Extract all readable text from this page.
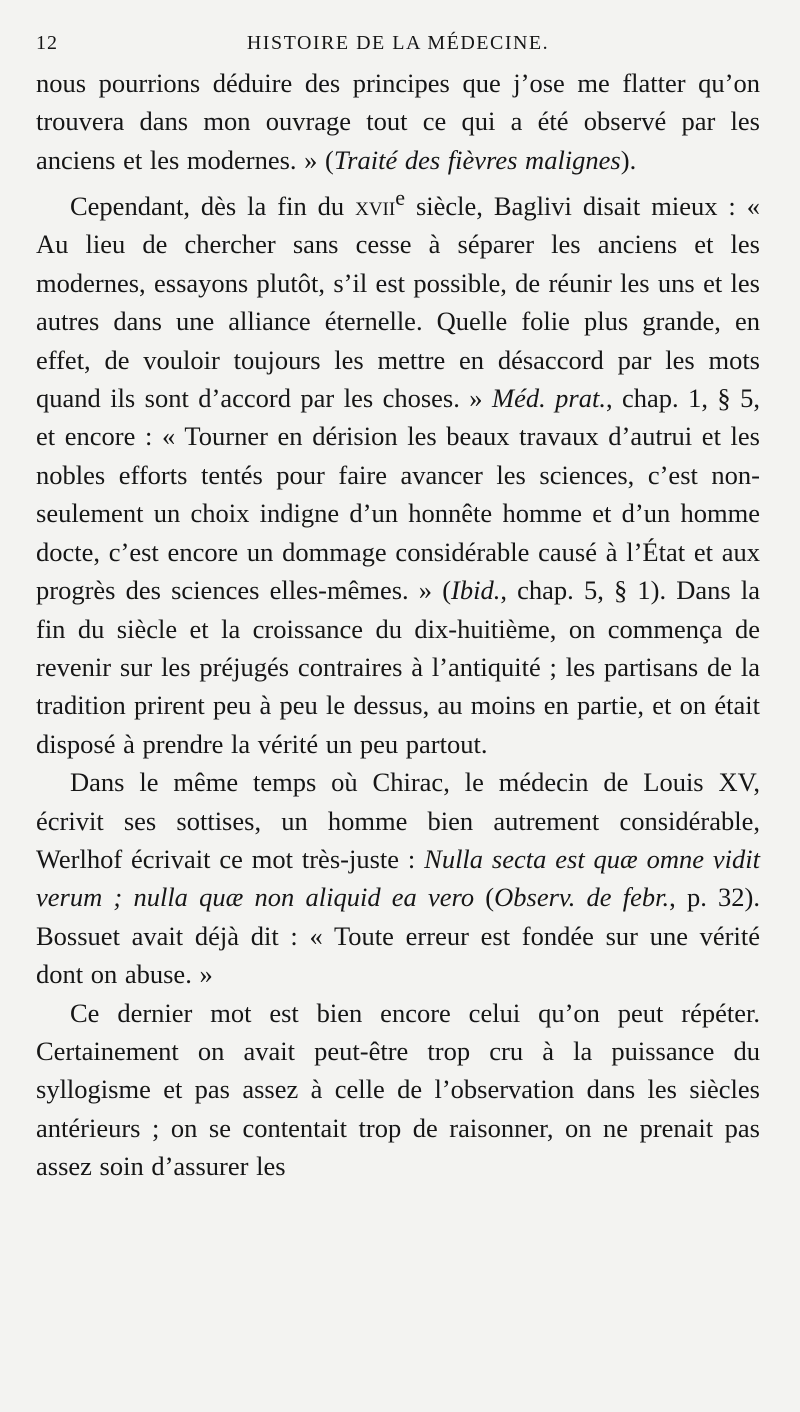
12	HISTOIRE DE LA MÉDECINE.

nous pourrions déduire des principes que j’ose me flatter qu’on trouvera dans mon ouvrage tout ce qui a été observé par les anciens et les modernes. » (Traité des fièvres malignes).

Cependant, dès la fin du xvii$^e$ siècle, Baglivi disait mieux : « Au lieu de chercher sans cesse à séparer les anciens et les modernes, essayons plutôt, s’il est possible, de réunir les uns et les autres dans une alliance éternelle. Quelle folie plus grande, en effet, de vouloir toujours les mettre en désaccord par les mots quand ils sont d’accord par les choses. » Méd. prat., chap. 1, § 5, et encore : « Tourner en dérision les beaux travaux d’autrui et les nobles efforts tentés pour faire avancer les sciences, c’est non-seulement un choix indigne d’un honnête homme et d’un homme docte, c’est encore un dommage considérable causé à l’État et aux progrès des sciences elles-mêmes. » (Ibid., chap. 5, § 1). Dans la fin du siècle et la croissance du dix-huitième, on commença de revenir sur les préjugés contraires à l’antiquité ; les partisans de la tradition prirent peu à peu le dessus, au moins en partie, et on était disposé à prendre la vérité un peu partout.

Dans le même temps où Chirac, le médecin de Louis XV, écrivit ses sottises, un homme bien autrement considérable, Werlhof écrivait ce mot très-juste : Nulla secta est quæ omne vidit verum ; nulla quæ non aliquid ea vero (Observ. de febr., p. 32). Bossuet avait déjà dit : « Toute erreur est fondée sur une vérité dont on abuse. »

Ce dernier mot est bien encore celui qu’on peut répéter. Certainement on avait peut-être trop cru à la puissance du syllogisme et pas assez à celle de l’observation dans les siècles antérieurs ; on se contentait trop de raisonner, on ne prenait pas assez soin d’assurer les
